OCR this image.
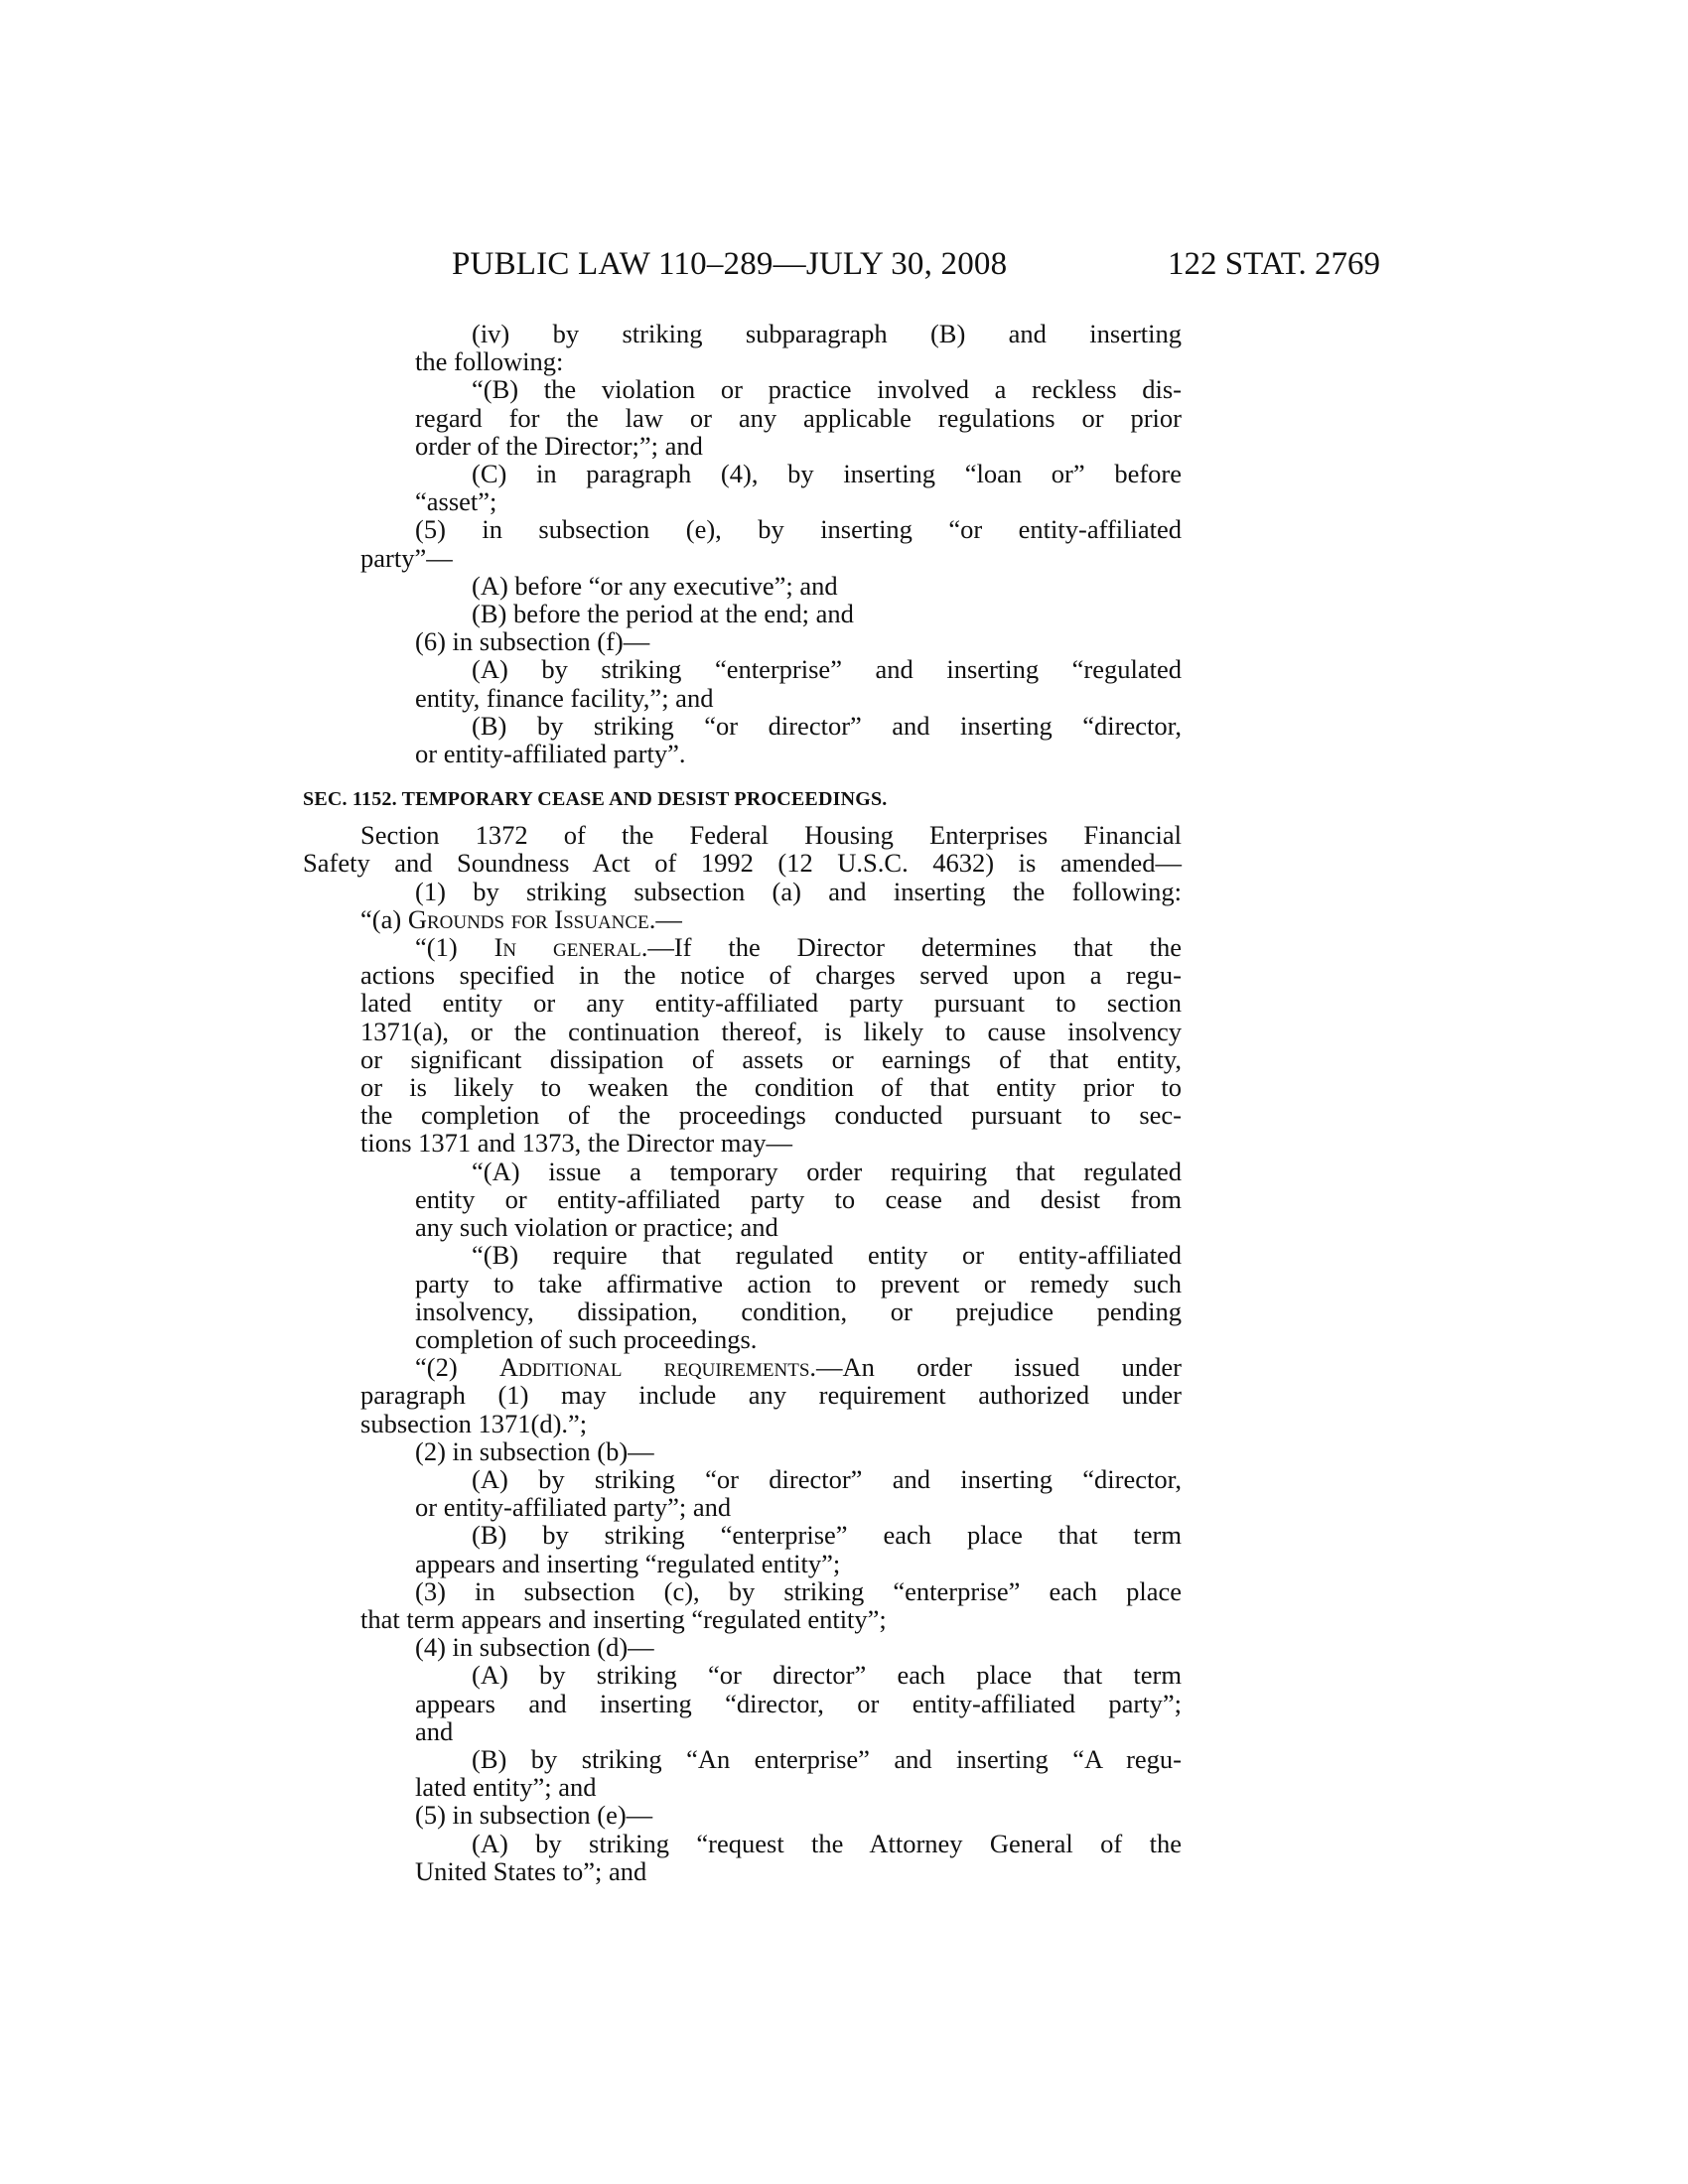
PUBLIC LAW 110–289—JULY 30, 2008	122 STAT. 2769
(iv) by striking subparagraph (B) and inserting
the following:
“(B) the violation or practice involved a reckless dis-
regard for the law or any applicable regulations or prior
order of the Director;”; and
(C) in paragraph (4), by inserting “loan or” before
“asset”;
(5) in subsection (e), by inserting “or entity-affiliated
party”—
(A) before “or any executive”; and
(B) before the period at the end; and
(6) in subsection (f)—
(A) by striking “enterprise” and inserting “regulated
entity, finance facility,”; and
(B) by striking “or director” and inserting “director,
or entity-affiliated party”.
SEC. 1152. TEMPORARY CEASE AND DESIST PROCEEDINGS.
Section 1372 of the Federal Housing Enterprises Financial
Safety and Soundness Act of 1992 (12 U.S.C. 4632) is amended—
(1) by striking subsection (a) and inserting the following:
“(a) Grounds for Issuance.—
“(1) In general.—If the Director determines that the
actions specified in the notice of charges served upon a regu-
lated entity or any entity-affiliated party pursuant to section
1371(a), or the continuation thereof, is likely to cause insolvency
or significant dissipation of assets or earnings of that entity,
or is likely to weaken the condition of that entity prior to
the completion of the proceedings conducted pursuant to sec-
tions 1371 and 1373, the Director may—
“(A) issue a temporary order requiring that regulated
entity or entity-affiliated party to cease and desist from
any such violation or practice; and
“(B) require that regulated entity or entity-affiliated
party to take affirmative action to prevent or remedy such
insolvency, dissipation, condition, or prejudice pending
completion of such proceedings.
“(2) Additional requirements.—An order issued under
paragraph (1) may include any requirement authorized under
subsection 1371(d).”;
(2) in subsection (b)—
(A) by striking “or director” and inserting “director,
or entity-affiliated party”; and
(B) by striking “enterprise” each place that term
appears and inserting “regulated entity”;
(3) in subsection (c), by striking “enterprise” each place
that term appears and inserting “regulated entity”;
(4) in subsection (d)—
(A) by striking “or director” each place that term
appears and inserting “director, or entity-affiliated party”;
and
(B) by striking “An enterprise” and inserting “A regu-
lated entity”; and
(5) in subsection (e)—
(A) by striking “request the Attorney General of the
United States to”; and
